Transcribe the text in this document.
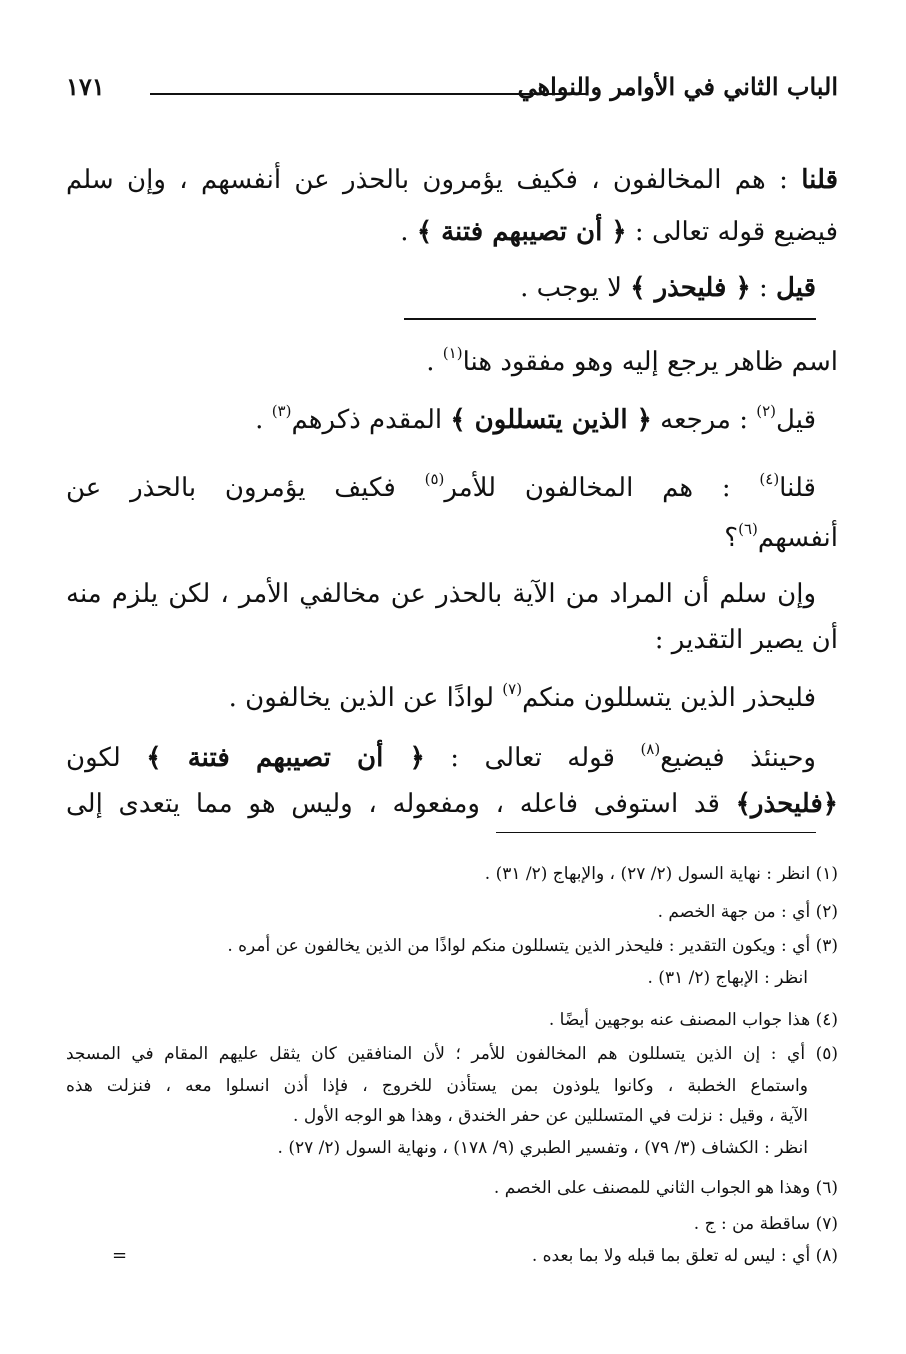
الباب الثاني في الأوامر والنواهي
١٧١
قلنا : هم المخالفون ، فكيف يؤمرون بالحذر عن أنفسهم ، وإن سلم
فيضيع قوله تعالى : ﴿ أن تصيبهم فتنة ﴾ .
قيل : ﴿ فليحذر ﴾ لا يوجب .
اسم ظاهر يرجع إليه وهو مفقود هنا$^{(١)}$ .
قيل$^{(٢)}$ : مرجعه ﴿ الذين يتسللون ﴾ المقدم ذكرهم$^{(٣)}$ .
قلنا$^{(٤)}$ : هم المخالفون للأمر$^{(٥)}$ فكيف يؤمرون بالحذر عن
أنفسهم$^{(٦)}$؟
وإن سلم أن المراد من الآية بالحذر عن مخالفي الأمر ، لكن يلزم منه
أن يصير التقدير :
فليحذر الذين يتسللون منكم$^{(٧)}$ لواذًا عن الذين يخالفون .
وحينئذ فيضيع$^{(٨)}$ قوله تعالى : ﴿ أن تصيبهم فتنة ﴾ لكون
﴿فليحذر﴾ قد استوفى فاعله ، ومفعوله ، وليس هو مما يتعدى إلى
(١) انظر : نهاية السول (٢/ ٢٧) ، والإبهاج (٢/ ٣١) .
(٢) أي : من جهة الخصم .
(٣) أي : ويكون التقدير : فليحذر الذين يتسللون منكم لواذًا من الذين يخالفون عن أمره .
انظر : الإبهاج (٢/ ٣١) .
(٤) هذا جواب المصنف عنه بوجهين أيضًا .
(٥) أي : إن الذين يتسللون هم المخالفون للأمر ؛ لأن المنافقين كان يثقل عليهم المقام في المسجد
واستماع الخطبة ، وكانوا يلوذون بمن يستأذن للخروج ، فإذا أذن انسلوا معه ، فنزلت هذه
الآية ، وقيل : نزلت في المتسللين عن حفر الخندق ، وهذا هو الوجه الأول .
انظر : الكشاف (٣/ ٧٩) ، وتفسير الطبري (٩/ ١٧٨) ، ونهاية السول (٢/ ٢٧) .
(٦) وهذا هو الجواب الثاني للمصنف على الخصم .
(٧) ساقطة من : ج .
(٨) أي : ليس له تعلق بما قبله ولا بما بعده .
=
